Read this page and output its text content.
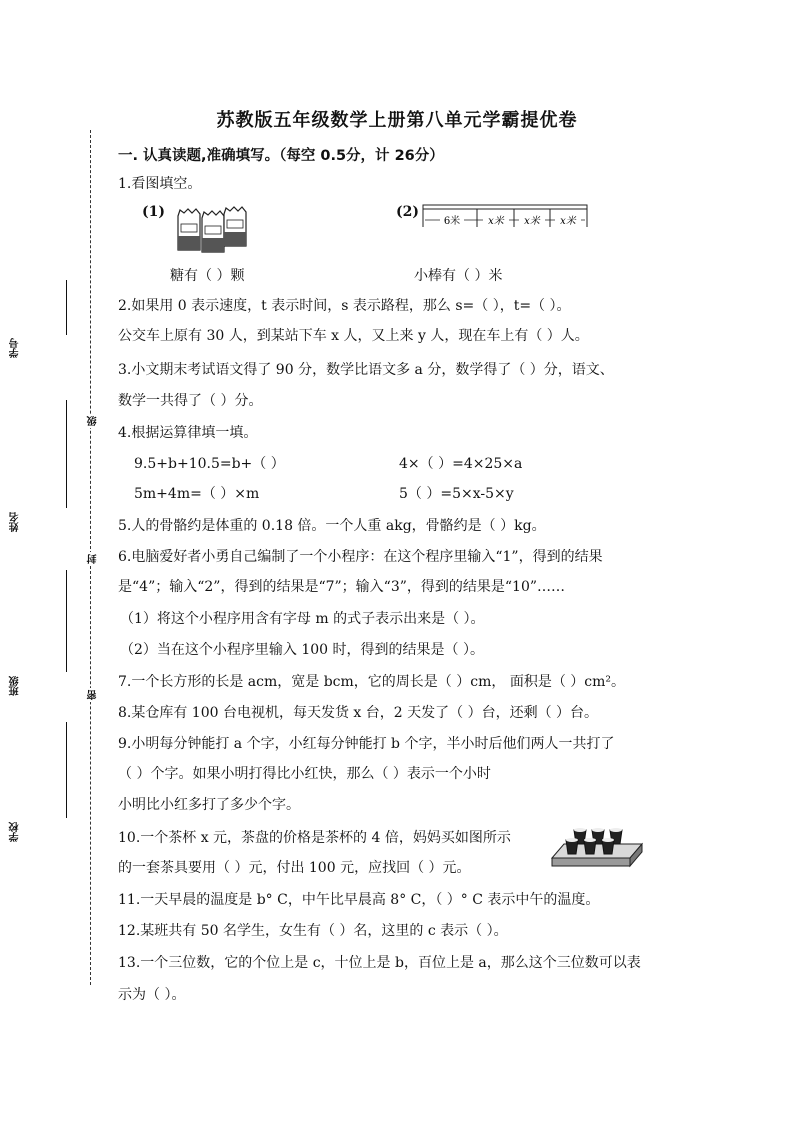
学号
姓名
班级
学校
级
封
密
苏教版五年级数学上册第八单元学霸提优卷
一. 认真读题,准确填写。（每空 0.5分，计 26分）
1.看图填空。
(1)	(2)
6米	x米 x米 x米
糖有（ ）颗	小棒有（ ）米
2.如果用 0 表示速度，t 表示时间，s 表示路程，那么 s=（ ），t=（ ）。
公交车上原有 30 人，到某站下车 x 人，又上来 y 人，现在车上有（ ）人。
3.小文期末考试语文得了 90 分，数学比语文多 a 分，数学得了（ ）分，语文、
数学一共得了（ ）分。
4.根据运算律填一填。
9.5+b+10.5=b+（ ）	4×（ ）=4×25×a
5m+4m=（ ）×m	5（ ）=5×x-5×y
5.人的骨骼约是体重的 0.18 倍。一个人重 akg，骨骼约是（ ）kg。
6.电脑爱好者小勇自己编制了一个小程序：在这个程序里输入“1”，得到的结果
是“4”；输入“2”，得到的结果是“7”；输入“3”，得到的结果是“10”……
（1）将这个小程序用含有字母 m 的式子表示出来是（ ）。
（2）当在这个小程序里输入 100 时，得到的结果是（ ）。
7.一个长方形的长是 acm，宽是 bcm，它的周长是（ ）cm， 面积是（ ）cm²。
8.某仓库有 100 台电视机，每天发货 x 台，2 天发了（ ）台，还剩（ ）台。
9.小明每分钟能打 a 个字，小红每分钟能打 b 个字，半小时后他们两人一共打了
（ ）个字。如果小明打得比小红快，那么（ ）表示一个小时
小明比小红多打了多少个字。
10.一个茶杯 x 元，茶盘的价格是茶杯的 4 倍，妈妈买如图所示
的一套茶具要用（ ）元，付出 100 元，应找回（ ）元。
11.一天早晨的温度是 b° C，中午比早晨高 8° C，（ ）° C 表示中午的温度。
12.某班共有 50 名学生，女生有（ ）名，这里的 c 表示（ ）。
13.一个三位数，它的个位上是 c，十位上是 b，百位上是 a，那么这个三位数可以表
示为（ ）。
